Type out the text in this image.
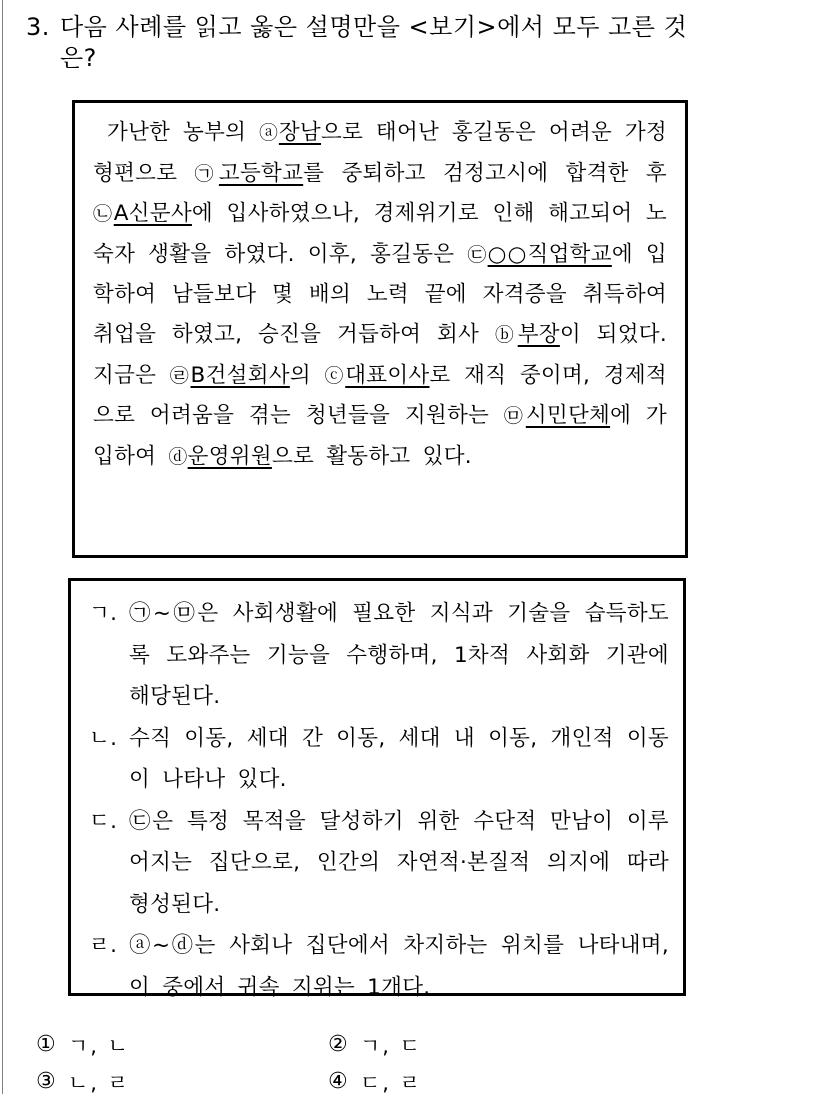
3. 다음 사례를 읽고 옳은 설명만을 <보기>에서 모두 고른 것
은?
가난한 농부의 ⓐ장남으로 태어난 홍길동은 어려운 가정형편으로 ㉠고등학교를 중퇴하고 검정고시에 합격한 후 ㉡A신문사에 입사하였으나, 경제위기로 인해 해고되어 노숙자 생활을 하였다. 이후, 홍길동은 ㉢○○직업학교에 입학하여 남들보다 몇 배의 노력 끝에 자격증을 취득하여 취업을 하였고, 승진을 거듭하여 회사 ⓑ부장이 되었다. 지금은 ㉣B건설회사의 ⓒ대표이사로 재직 중이며, 경제적으로 어려움을 겪는 청년들을 지원하는 ㉤시민단체에 가입하여 ⓓ운영위원으로 활동하고 있다.
ㄱ. ㉠~㉤은 사회생활에 필요한 지식과 기술을 습득하도록 도와주는 기능을 수행하며, 1차적 사회화 기관에 해당된다.
ㄴ. 수직 이동, 세대 간 이동, 세대 내 이동, 개인적 이동이 나타나 있다.
ㄷ. ㉢은 특정 목적을 달성하기 위한 수단적 만남이 이루어지는 집단으로, 인간의 자연적·본질적 의지에 따라 형성된다.
ㄹ. ⓐ~ⓓ는 사회나 집단에서 차지하는 위치를 나타내며, 이 중에서 귀속 지위는 1개다.
① ㄱ, ㄴ	② ㄱ, ㄷ
③ ㄴ, ㄹ	④ ㄷ, ㄹ
